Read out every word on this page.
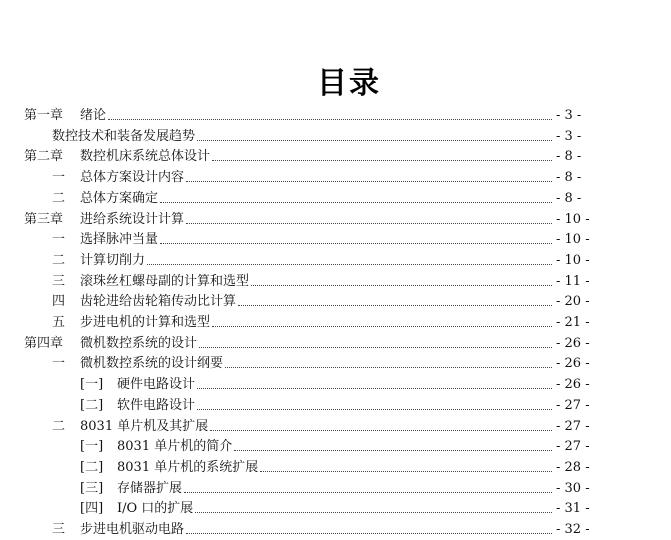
目录
第一章 绪论	- 3 -
数控技术和装备发展趋势	- 3 -
第二章 数控机床系统总体设计	- 8 -
一 总体方案设计内容	- 8 -
二 总体方案确定	- 8 -
第三章 进给系统设计计算	- 10 -
一 选择脉冲当量	- 10 -
二 计算切削力	- 10 -
三 滚珠丝杠螺母副的计算和选型	- 11 -
四 齿轮进给齿轮箱传动比计算	- 20 -
五 步进电机的计算和选型	- 21 -
第四章 微机数控系统的设计	- 26 -
一 微机数控系统的设计纲要	- 26 -
[一] 硬件电路设计	- 26 -
[二] 软件电路设计	- 27 -
二 8031 单片机及其扩展	- 27 -
[一] 8031 单片机的简介	- 27 -
[二] 8031 单片机的系统扩展	- 28 -
[三] 存储器扩展	- 30 -
[四] I/O 口的扩展	- 31 -
三 步进电机驱动电路	- 32 -
